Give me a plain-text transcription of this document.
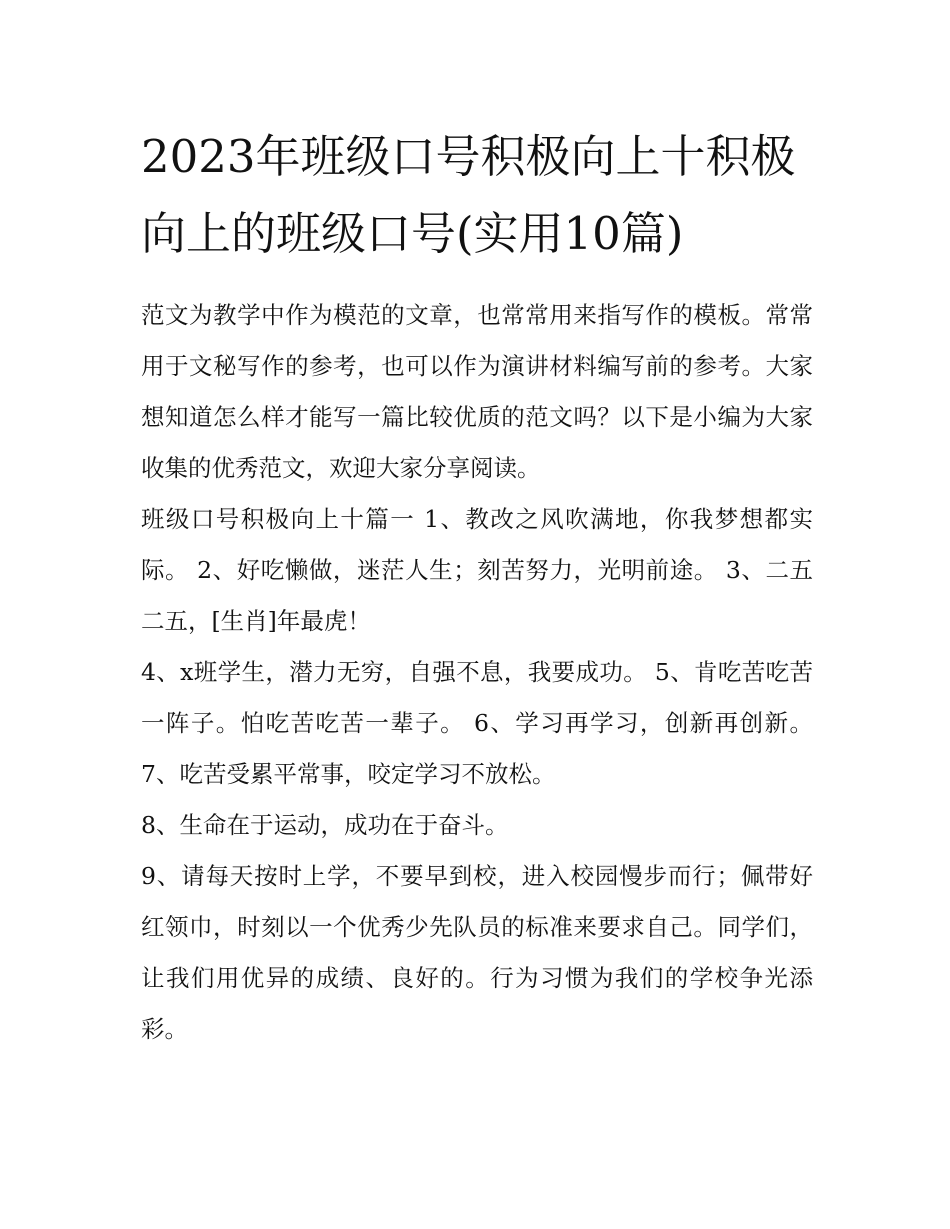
2023年班级口号积极向上十积极向上的班级口号(实用10篇)

范文为教学中作为模范的文章，也常常用来指写作的模板。常常用于文秘写作的参考，也可以作为演讲材料编写前的参考。大家想知道怎么样才能写一篇比较优质的范文吗？以下是小编为大家收集的优秀范文，欢迎大家分享阅读。

班级口号积极向上十篇一 1、教改之风吹满地，你我梦想都实际。 2、好吃懒做，迷茫人生；刻苦努力，光明前途。 3、二五二五，[生肖]年最虎！

4、x班学生，潜力无穷，自强不息，我要成功。 5、肯吃苦吃苦一阵子。怕吃苦吃苦一辈子。 6、学习再学习，创新再创新。 7、吃苦受累平常事，咬定学习不放松。

8、生命在于运动，成功在于奋斗。

9、请每天按时上学，不要早到校，进入校园慢步而行；佩带好红领巾，时刻以一个优秀少先队员的标准来要求自己。同学们，让我们用优异的成绩、良好的。行为习惯为我们的学校争光添彩。
